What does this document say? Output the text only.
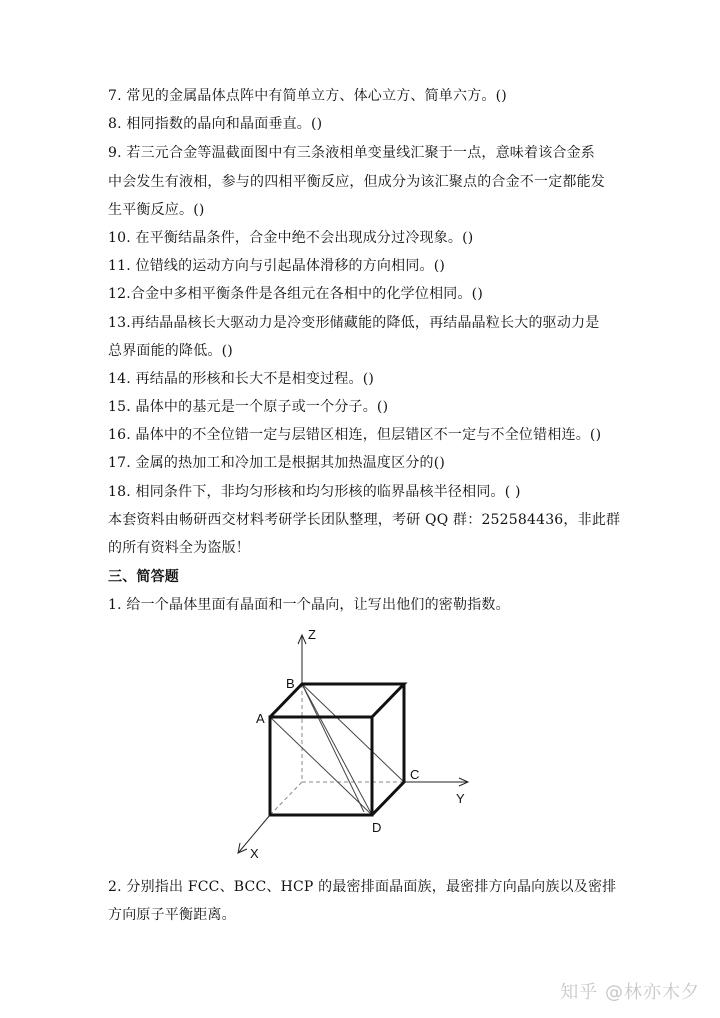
7. 常见的金属晶体点阵中有简单立方、体心立方、简单六方。()
8. 相同指数的晶向和晶面垂直。()
9. 若三元合金等温截面图中有三条液相单变量线汇聚于一点，意味着该合金系
中会发生有液相，参与的四相平衡反应，但成分为该汇聚点的合金不一定都能发
生平衡反应。()
10. 在平衡结晶条件，合金中绝不会出现成分过冷现象。()
11. 位错线的运动方向与引起晶体滑移的方向相同。()
12.合金中多相平衡条件是各组元在各相中的化学位相同。()
13.再结晶晶核长大驱动力是冷变形储藏能的降低，再结晶晶粒长大的驱动力是
总界面能的降低。()
14. 再结晶的形核和长大不是相变过程。()
15. 晶体中的基元是一个原子或一个分子。()
16. 晶体中的不全位错一定与层错区相连，但层错区不一定与不全位错相连。()
17. 金属的热加工和冷加工是根据其加热温度区分的()
18. 相同条件下，非均匀形核和均匀形核的临界晶核半径相同。( )
本套资料由畅研西交材料考研学长团队整理，考研 QQ 群：252584436，非此群
的所有资料全为盗版！
三、简答题
1. 给一个晶体里面有晶面和一个晶向，让写出他们的密勒指数。
Z
Y
X
A
B
C
D
2. 分别指出 FCC、BCC、HCP 的最密排面晶面族，最密排方向晶向族以及密排
方向原子平衡距离。
知乎 @林亦木夕
